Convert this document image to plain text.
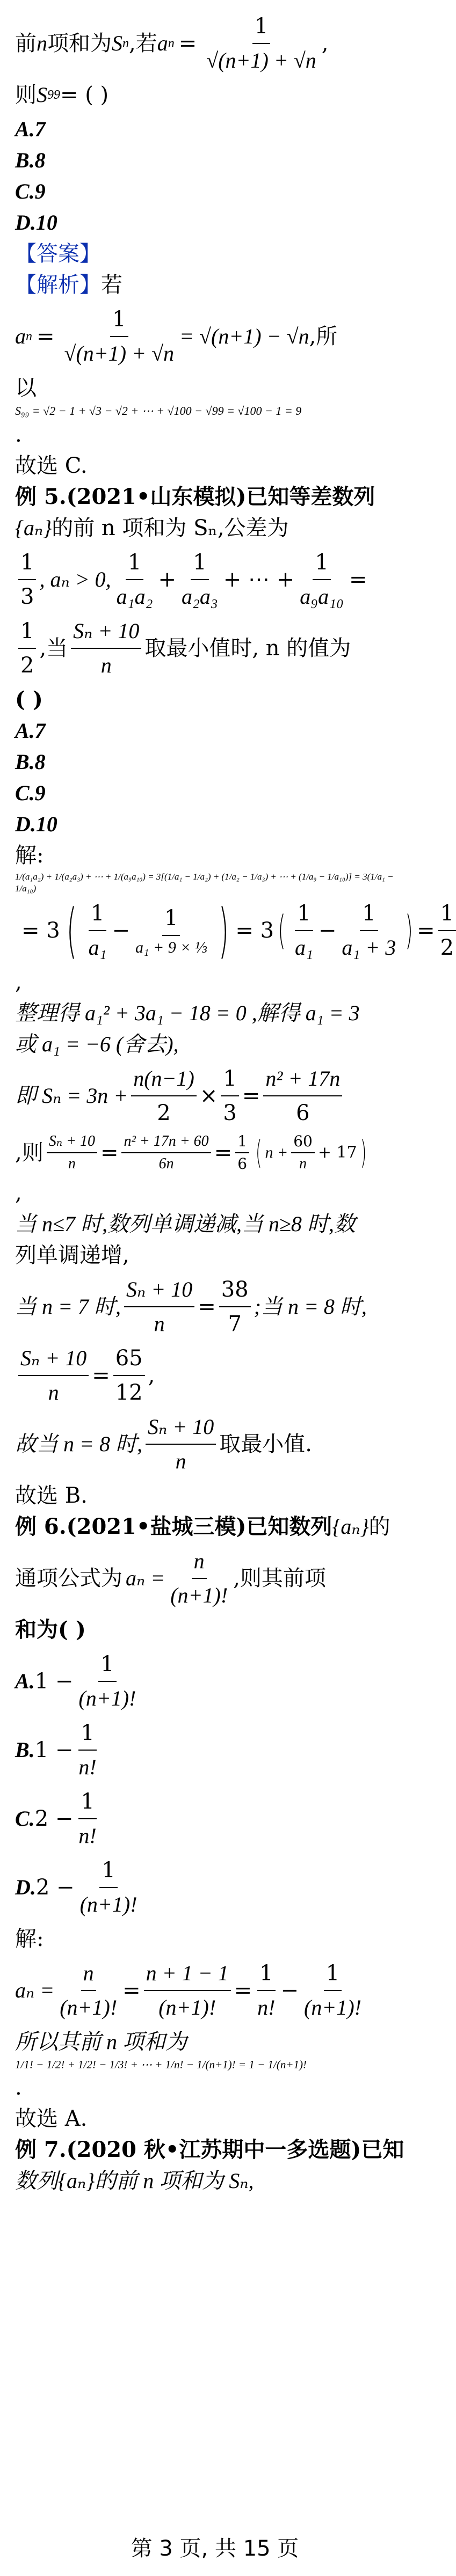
前 n 项和为 S n ,若 a $n = \frac{1}{√(n+1) + √n}$ ,
则 S 99 = ( )
A.7
B.8
C.9
D.10
【答案】
【解析】 若
a $n = \frac{1}{√(n+1) + √n} = √(n+1) - √n$ ,所
以
S₉₉ = √2 − 1 + √3 − √2 + ⋯ + √100 − √99 = √100 − 1 = 9
.
故选 C.
例 5.(2021•山东模拟)已知等差数列
{aₙ} 的前 n 项和为 Sₙ,公差为
$\frac{1}{3}$ , aₙ > 0, $\frac{1}{\text{a₁a₂}} + \frac{1}{\text{a₂a₃}}$ + ⋯ + $\frac{1}{\text{a₉a₁₀}}$ =
$\frac{1}{2}$ ,当 $\frac{\text{Sₙ + 10}}{n}$ 取最小值时, n 的值为
( )
A.7
B.8
C.9
D.10
解:
1/(a₁a₂) + 1/(a₂a₃) + ⋯ + 1/(a₉a₁₀) = 3[(1/a₁ − 1/a₂) + (1/a₂ − 1/a₃) + ⋯ + (1/a₉ − 1/a₁₀)] = 3(1/a₁ − 1/a₁₀)
= 3 ( $\frac{1}{\text{a₁}} - \frac{1}{\text{a₁ + 9 × ⅓}}$ ) = 3 ( $\frac{1}{\text{a₁}} - \frac{1}{\text{a₁ + 3}}$ ) = $\frac{1}{2}$
,
整理得 a₁² + 3a₁ − 18 = 0 ,解得 a₁ = 3
或 a₁ = −6 (舍去),
即 $S_n = 3n + \frac{n(n-1)}{2} \times \frac{1}{3} = \frac{\text{n² + 17n}}{6}$
,则 $\frac{\text{Sₙ + 10}}{n} = \frac{\text{n² + 17n + 60}}{6n} = \frac{1}{6}$ ( $n + \frac{60}{n} + 17$ )
,
当 n≤7 时,数列单调递减,当 n≥8 时,数
列单调递增,
当 n = 7 时, $\frac{\text{Sₙ + 10}}{n} = \frac{38}{7}$ ;当 n = 8 时,
$\frac{\text{Sₙ + 10}}{n} = \frac{65}{12}$ ,
故当 n = 8 时, $\frac{\text{Sₙ + 10}}{n}$ 取最小值.
故选 B.
例 6.(2021•盐城三模)已知数列 {aₙ} 的
通项公式为 $a_n = \frac{n}{(n+1)!}$ ,则其前项
和为( )
A. $1 - \frac{1}{(n+1)!}$
B. $1 - \frac{1}{n!}$
C. $2 - \frac{1}{n!}$
D. $2 - \frac{1}{(n+1)!}$
解:
$a_n = \frac{n}{(n+1)!} = \frac{n + 1 - 1}{(n+1)!} = \frac{1}{n!} - \frac{1}{(n+1)!}$
所以其前 n 项和为
1/1! − 1/2! + 1/2! − 1/3! + ⋯ + 1/n! − 1/(n+1)! = 1 − 1/(n+1)!
.
故选 A.
例 7.(2020 秋•江苏期中一多选题)已知
数列{aₙ}的前 n 项和为 Sₙ,
第 3 页, 共 15 页
